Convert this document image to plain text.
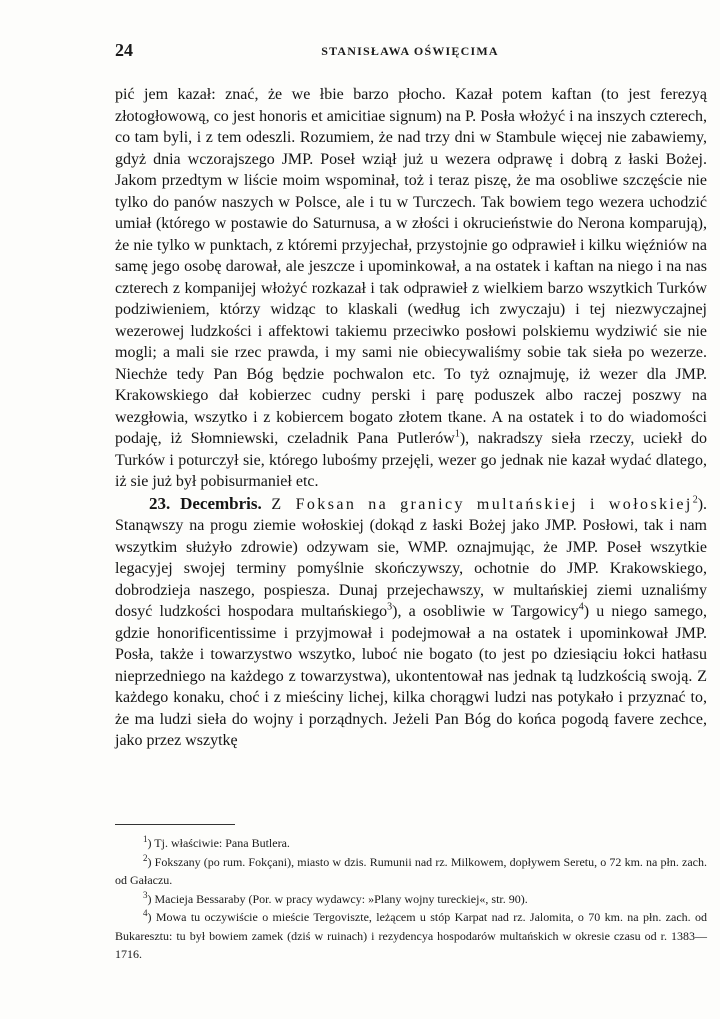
24	STANISŁAWA OŚWIĘCIMA

pić jem kazał: znać, że we łbie barzo płocho. Kazał potem kaftan (to jest ferezyą złotogłowową, co jest honoris et amicitiae signum) na P. Posła włożyć i na inszych czterech, co tam byli, i z tem odeszli. Rozumiem, że nad trzy dni w Stambule więcej nie zabawiemy, gdyż dnia wczorajszego JMP. Poseł wziął już u wezera odprawę i dobrą z łaski Bożej. Jakom przedtym w liście moim wspominał, toż i teraz piszę, że ma osobliwe szczęście nie tylko do panów naszych w Polsce, ale i tu w Turczech. Tak bowiem tego wezera uchodzić umiał (którego w postawie do Saturnusa, a w złości i okrucieństwie do Nerona komparują), że nie tylko w punktach, z któremi przyjechał, przystojnie go odprawieł i kilku więźniów na samę jego osobę darował, ale jeszcze i upominkował, a na ostatek i kaftan na niego i na nas czterech z kompanijej włożyć rozkazał i tak odprawieł z wielkiem barzo wszytkich Turków podziwieniem, którzy widząc to klaskali (według ich zwyczaju) i tej niezwyczajnej wezerowej ludzkości i affektowi takiemu przeciwko posłowi polskiemu wydziwić sie nie mogli; a mali sie rzec prawda, i my sami nie obiecywaliśmy sobie tak sieła po wezerze. Niechże tedy Pan Bóg będzie pochwalon etc. To tyż oznajmuję, iż wezer dla JMP. Krakowskiego dał kobierzec cudny perski i parę poduszek albo raczej poszwy na wezgłowia, wszytko i z kobiercem bogato złotem tkane. A na ostatek i to do wiadomości podaję, iż Słomniewski, czeladnik Pana Putlerów$^1$), nakradszy sieła rzeczy, uciekł do Turków i poturczył sie, którego lubośmy przejęli, wezer go jednak nie kazał wydać dlatego, iż sie już był pobisurmanieł etc.

23. Decembris. Z Foksan na granicy multańskiej i wołoskiej$^2$). Stanąwszy na progu ziemie wołoskiej (dokąd z łaski Bożej jako JMP. Posłowi, tak i nam wszytkim służyło zdrowie) odzywam sie, WMP. oznajmując, że JMP. Poseł wszytkie legacyjej swojej terminy pomyślnie skończywszy, ochotnie do JMP. Krakowskiego, dobrodzieja naszego, pospiesza. Dunaj przejechawszy, w multańskiej ziemi uznaliśmy dosyć ludzkości hospodara multańskiego$^3$), a osobliwie w Targowicy$^4$) u niego samego, gdzie honorificentissime i przyjmował i podejmował a na ostatek i upominkował JMP. Posła, także i towarzystwo wszytko, luboć nie bogato (to jest po dziesiąciu łokci hatłasu nieprzedniego na każdego z towarzystwa), ukontentował nas jednak tą ludzkością swoją. Z każdego konaku, choć i z mieściny lichej, kilka chorągwi ludzi nas potykało i przyznać to, że ma ludzi sieła do wojny i porządnych. Jeżeli Pan Bóg do końca pogodą favere zechce, jako przez wszytkę

$^1$) Tj. właściwie: Pana Butlera.

$^2$) Fokszany (po rum. Fokçani), miasto w dzis. Rumunii nad rz. Milkowem, dopływem Seretu, o 72 km. na płn. zach. od Gałaczu.

$^3$) Macieja Bessaraby (Por. w pracy wydawcy: »Plany wojny tureckiej«, str. 90).

$^4$) Mowa tu oczywiście o mieście Tergoviszte, leżącem u stóp Karpat nad rz. Jalomita, o 70 km. na płn. zach. od Bukaresztu: tu był bowiem zamek (dziś w ruinach) i rezydencya hospodarów multańskich w okresie czasu od r. 1383—1716.
